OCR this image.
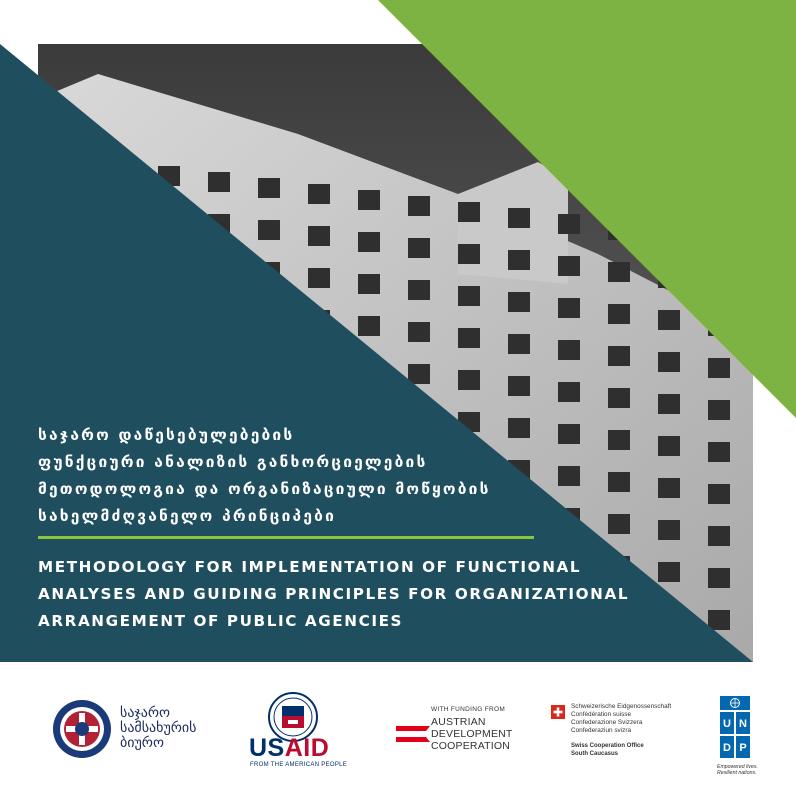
საჯარო დაწესებულებების
ფუნქციური ანალიზის განხორციელების
მეთოდოლოგია და ორგანიზაციული მოწყობის
სახელმძღვანელო პრინციპები
METHODOLOGY FOR IMPLEMENTATION OF FUNCTIONAL
ANALYSES AND GUIDING PRINCIPLES FOR ORGANIZATIONAL
ARRANGEMENT OF PUBLIC AGENCIES
საჯარო
სამსახურის
ბიურო	USAID
FROM THE AMERICAN PEOPLE
WITH FUNDING FROM
AUSTRIAN
DEVELOPMENT
COOPERATION
Schweizerische Eidgenossenschaft
Confédération suisse
Confederazione Svizzera
Confederaziun svizra
Swiss Cooperation Office
South Caucasus
U N
D P
Empowered lives.
Resilient nations.
